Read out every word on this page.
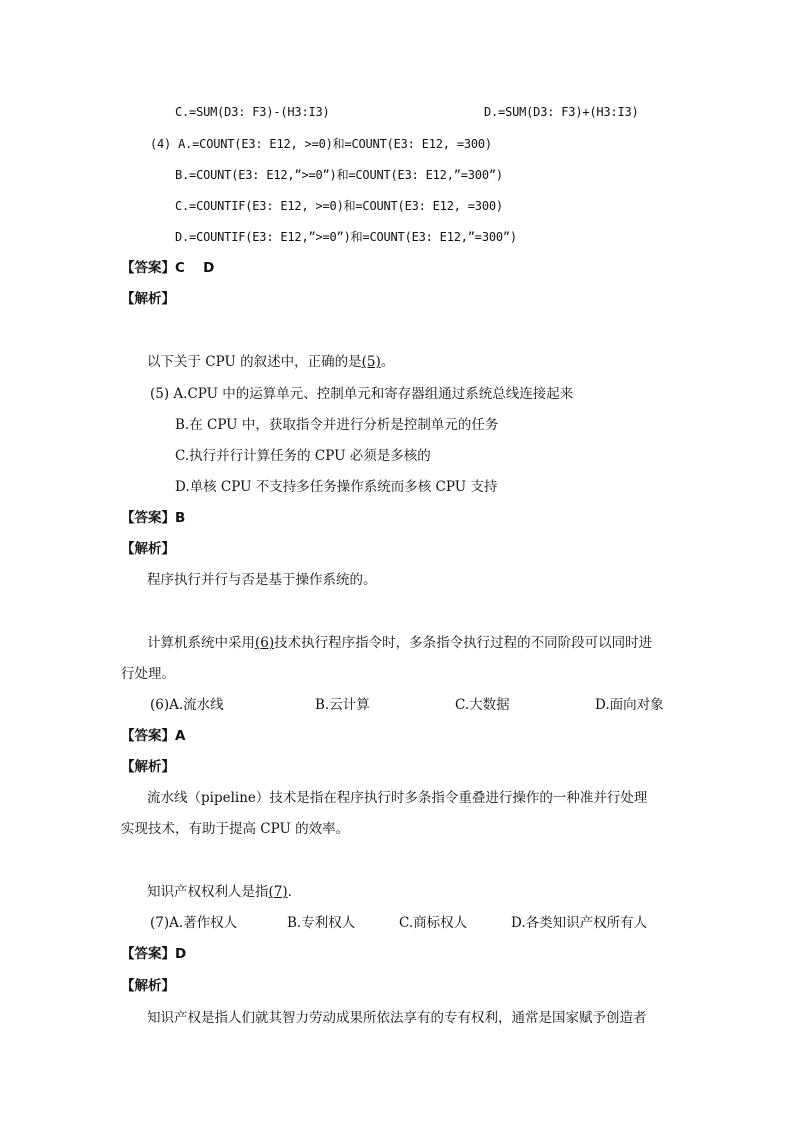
C.=SUM(D3: F3)-(H3:I3)	D.=SUM(D3: F3)+(H3:I3)
(4) A.=COUNT(E3: E12, >=0)和=COUNT(E3: E12, =300)
B.=COUNT(E3: E12,”>=0”)和=COUNT(E3: E12,”=300”)
C.=COUNTIF(E3: E12, >=0)和=COUNT(E3: E12, =300)
D.=COUNTIF(E3: E12,”>=0”)和=COUNT(E3: E12,”=300”)
【答案】C　 D
【解析】
以下关于 CPU 的叙述中，正确的是(5)。
(5) A.CPU 中的运算单元、控制单元和寄存器组通过系统总线连接起来
B.在 CPU 中，获取指令并进行分析是控制单元的任务
C.执行并行计算任务的 CPU 必须是多核的
D.单核 CPU 不支持多任务操作系统而多核 CPU 支持
【答案】B
【解析】
程序执行并行与否是基于操作系统的。
计算机系统中采用(6)技术执行程序指令时，多条指令执行过程的不同阶段可以同时进
行处理。
(6)A.流水线	B.云计算	C.大数据	D.面向对象
【答案】A
【解析】
流水线（pipeline）技术是指在程序执行时多条指令重叠进行操作的一种准并行处理
实现技术，有助于提高 CPU 的效率。
知识产权权利人是指(7).
(7)A.著作权人	B.专利权人	C.商标权人	D.各类知识产权所有人
【答案】D
【解析】
知识产权是指人们就其智力劳动成果所依法享有的专有权利，通常是国家赋予创造者
